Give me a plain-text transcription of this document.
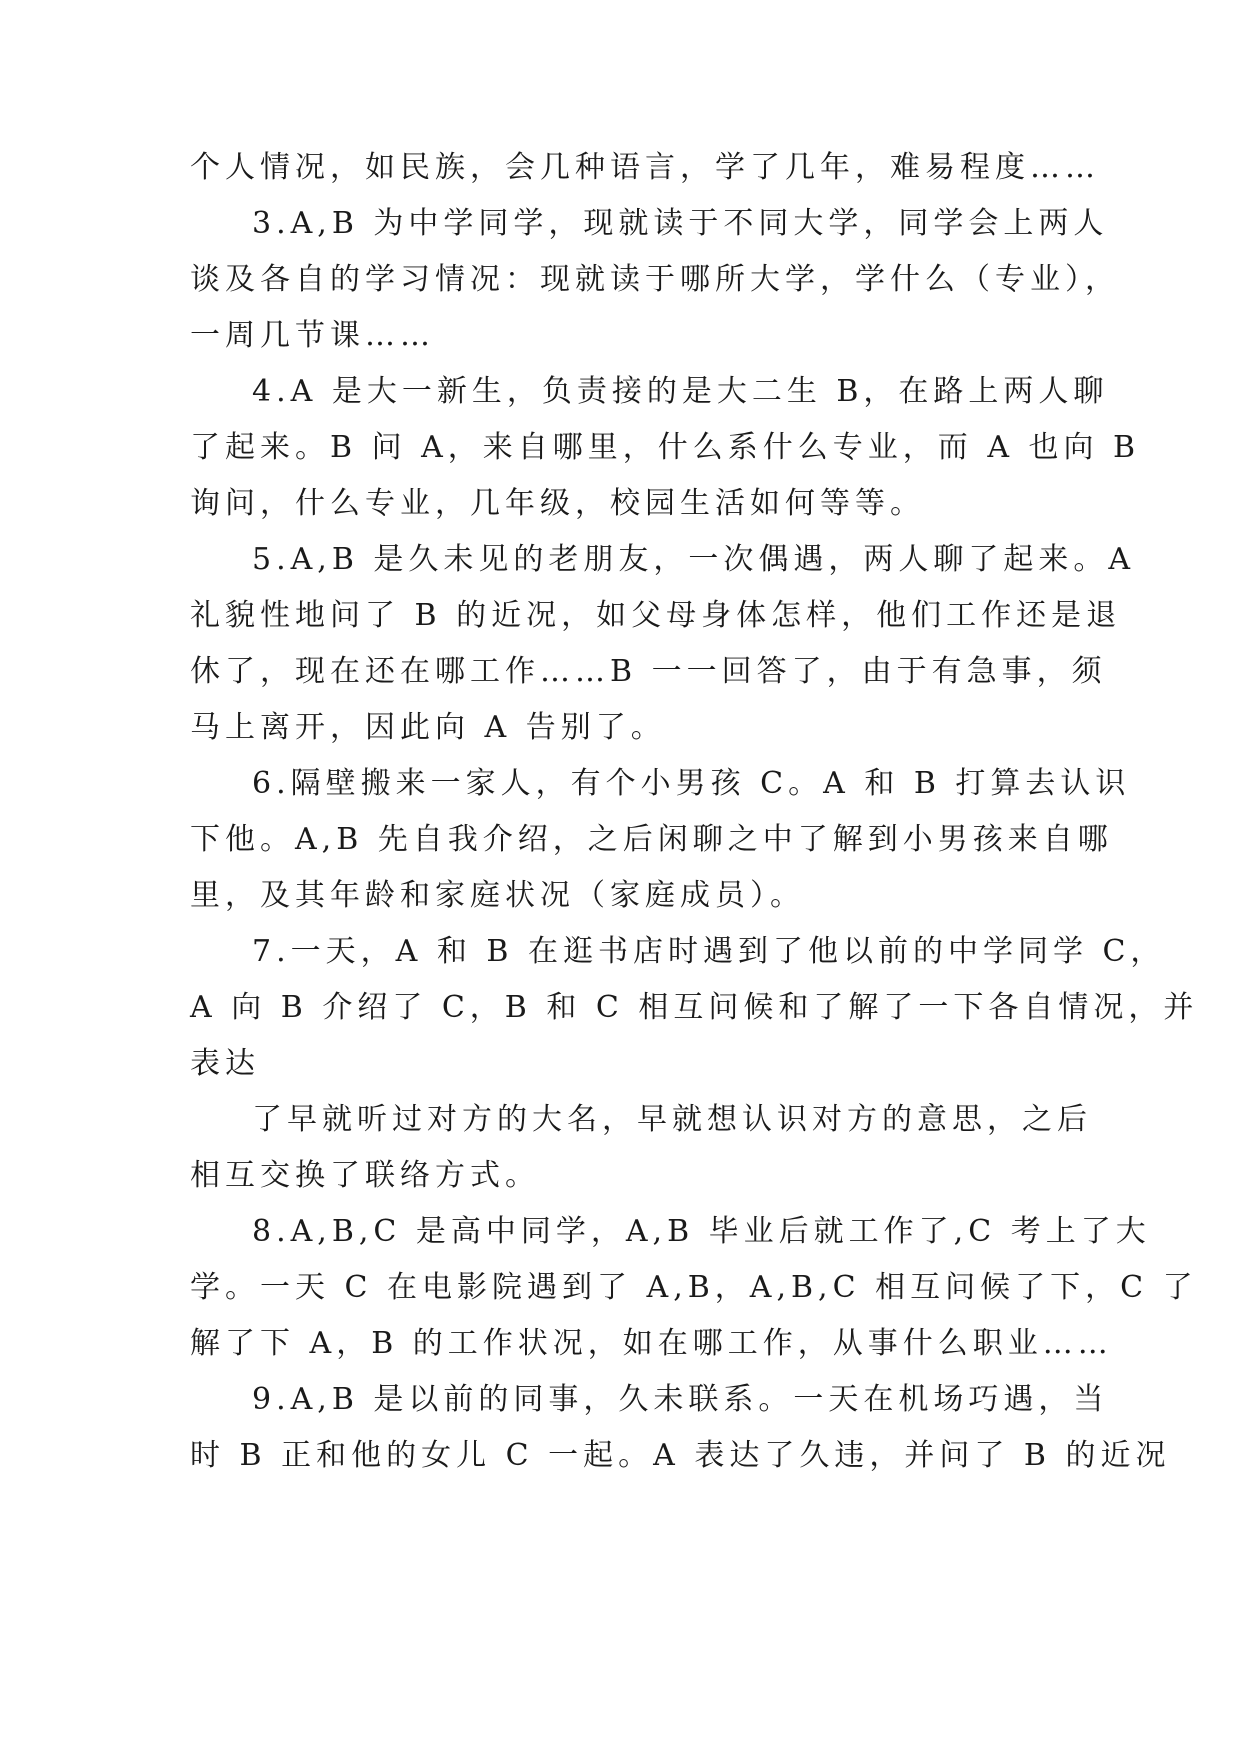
个人情况，如民族，会几种语言，学了几年，难易程度……
3.A,B 为中学同学，现就读于不同大学，同学会上两人
谈及各自的学习情况：现就读于哪所大学，学什么（专业），
一周几节课……
4.A 是大一新生，负责接的是大二生 B，在路上两人聊
了起来。B 问 A，来自哪里，什么系什么专业，而 A 也向 B
询问，什么专业，几年级，校园生活如何等等。
5.A,B 是久未见的老朋友，一次偶遇，两人聊了起来。A
礼貌性地问了 B 的近况，如父母身体怎样，他们工作还是退
休了，现在还在哪工作……B 一一回答了，由于有急事，须
马上离开，因此向 A 告别了。
6.隔壁搬来一家人，有个小男孩 C。A 和 B 打算去认识
下他。A,B 先自我介绍，之后闲聊之中了解到小男孩来自哪
里，及其年龄和家庭状况（家庭成员）。
7.一天，A 和 B 在逛书店时遇到了他以前的中学同学 C，
A 向 B 介绍了 C，B 和 C 相互问候和了解了一下各自情况，并
表达
了早就听过对方的大名，早就想认识对方的意思，之后
相互交换了联络方式。
8.A,B,C 是高中同学，A,B 毕业后就工作了,C 考上了大
学。一天 C 在电影院遇到了 A,B，A,B,C 相互问候了下，C 了
解了下 A，B 的工作状况，如在哪工作，从事什么职业……
9.A,B 是以前的同事，久未联系。一天在机场巧遇，当
时 B 正和他的女儿 C 一起。A 表达了久违，并问了 B 的近况
